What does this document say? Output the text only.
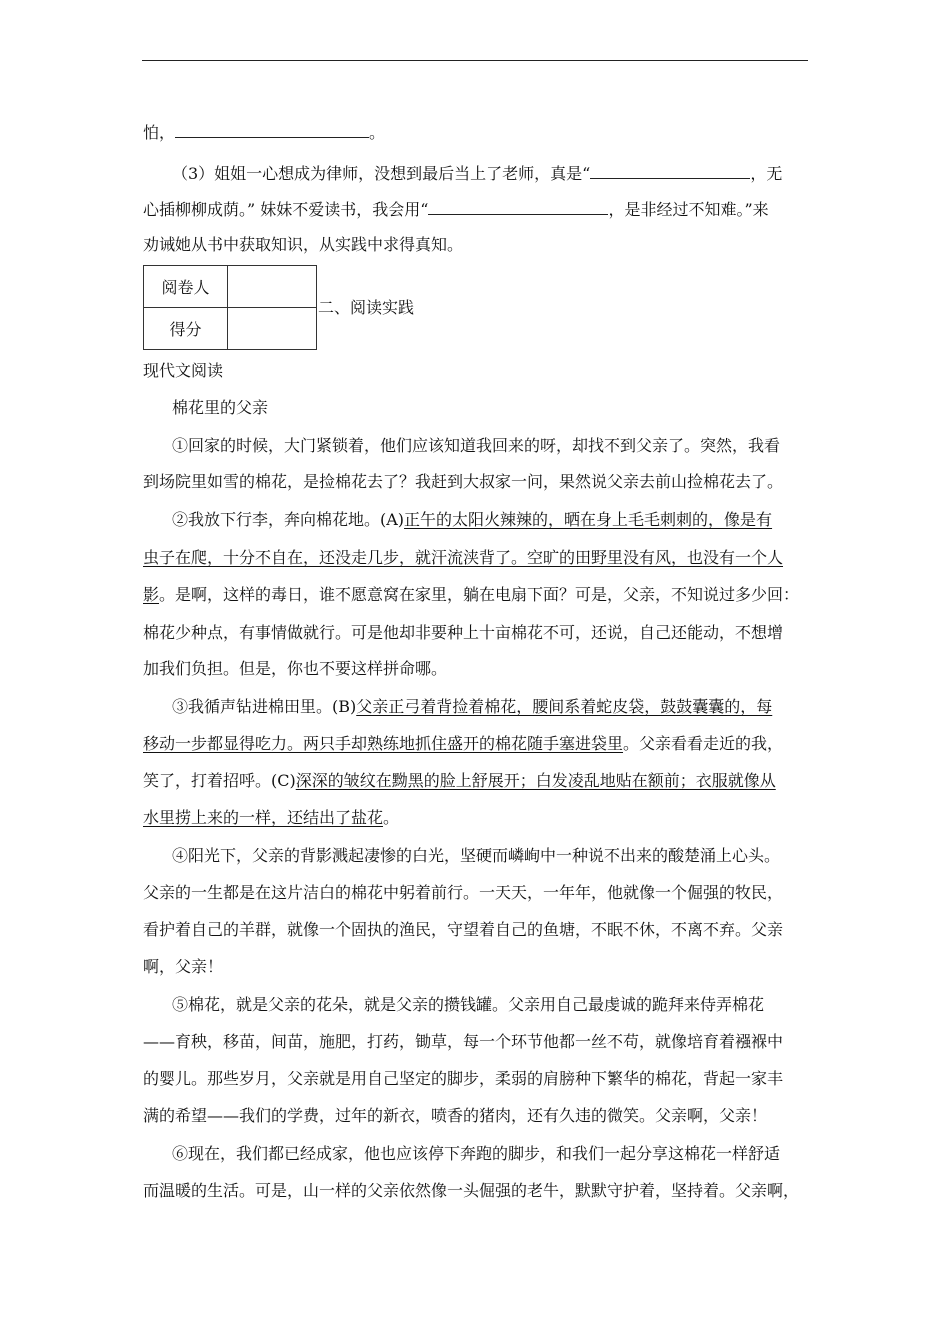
怕，	。
（3）姐姐一心想成为律师，没想到最后当上了老师，真是“	，无
心插柳柳成荫。” 妹妹不爱读书，我会用“	，是非经过不知难。”来
劝诫她从书中获取知识，从实践中求得真知。
阅卷人	
得分	
二、阅读实践
现代文阅读
棉花里的父亲
①回家的时候，大门紧锁着，他们应该知道我回来的呀，却找不到父亲了。突然，我看
到场院里如雪的棉花，是捡棉花去了？我赶到大叔家一问，果然说父亲去前山捡棉花去了。
②我放下行李，奔向棉花地。(A)正午的太阳火辣辣的，晒在身上毛毛刺刺的，像是有
虫子在爬，十分不自在，还没走几步，就汗流浃背了。空旷的田野里没有风，也没有一个人
影。是啊，这样的毒日，谁不愿意窝在家里，躺在电扇下面？可是，父亲，不知说过多少回：
棉花少种点，有事情做就行。可是他却非要种上十亩棉花不可，还说，自己还能动，不想增
加我们负担。但是，你也不要这样拼命哪。
③我循声钻进棉田里。(B)父亲正弓着背捡着棉花，腰间系着蛇皮袋，鼓鼓囊囊的，每
移动一步都显得吃力。两只手却熟练地抓住盛开的棉花随手塞进袋里。父亲看看走近的我，
笑了，打着招呼。(C)深深的皱纹在黝黑的脸上舒展开；白发凌乱地贴在额前；衣服就像从
水里捞上来的一样，还结出了盐花。
④阳光下，父亲的背影溅起凄惨的白光，坚硬而嶙峋中一种说不出来的酸楚涌上心头。
父亲的一生都是在这片洁白的棉花中躬着前行。一天天，一年年，他就像一个倔强的牧民，
看护着自己的羊群，就像一个固执的渔民，守望着自己的鱼塘，不眠不休，不离不弃。父亲
啊，父亲！
⑤棉花，就是父亲的花朵，就是父亲的攒钱罐。父亲用自己最虔诚的跪拜来侍弄棉花
——育秧，移苗，间苗，施肥，打药，锄草，每一个环节他都一丝不苟，就像培育着襁褓中
的婴儿。那些岁月，父亲就是用自己坚定的脚步，柔弱的肩膀种下繁华的棉花，背起一家丰
满的希望——我们的学费，过年的新衣，喷香的猪肉，还有久违的微笑。父亲啊，父亲！
⑥现在，我们都已经成家，他也应该停下奔跑的脚步，和我们一起分享这棉花一样舒适
而温暖的生活。可是，山一样的父亲依然像一头倔强的老牛，默默守护着，坚持着。父亲啊，
